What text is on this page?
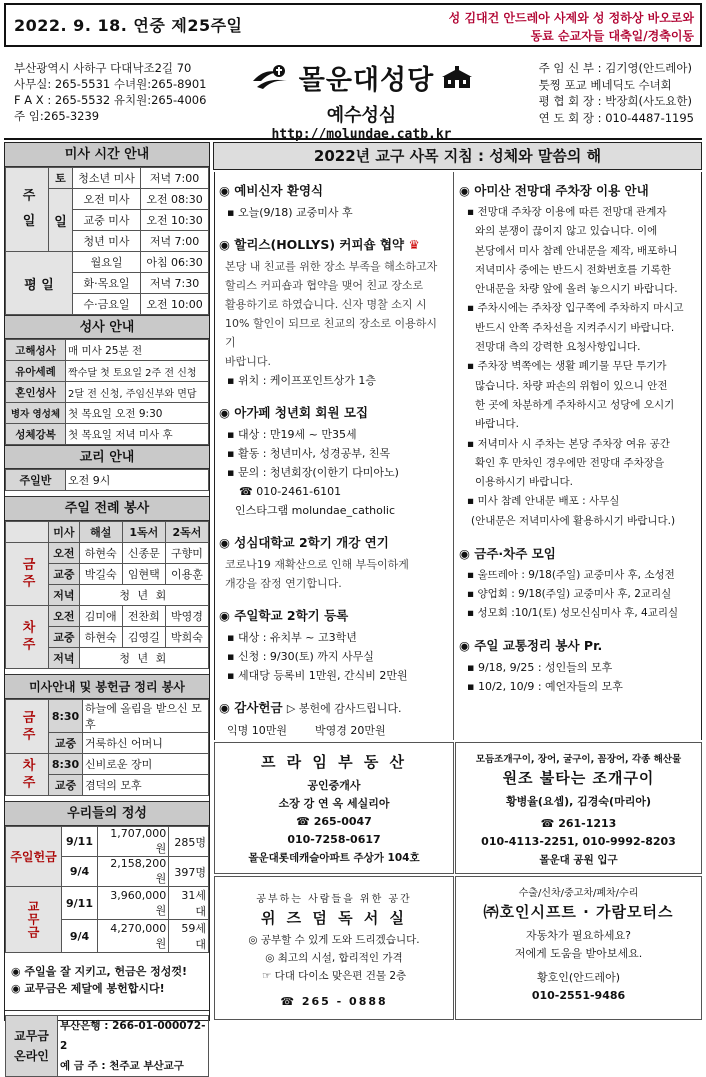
2022. 9. 18. 연중 제25주일	성 김대건 안드레아 사제와 성 정하상 바오로와
동료 순교자들 대축일/경축이동
부산광역시 사하구 다대낙조2길 70
사무실: 265-5531 수녀원:265-8901
F A X : 265-5532 유치원:265-4006
주 임:265-3239
몰운대성당
예수성심
http://molundae.catb.kr
주 임 신 부 : 김기영(안드레아)
툿찡 포교 베네딕도 수녀회
평 협 회 장 : 박장희(사도요한)
연 도 회 장 : 010-4487-1195
미사 시간 안내
주 일	토	청소년 미사	저녁 7:00
	일	오전 미사	오전 08:30
		교중 미사	오전 10:30
		청년 미사	저녁 7:00
평 일		월요일	아침 06:30
		화·목요일	저녁 7:30
		수·금요일	오전 10:00
성사 안내
고해성사	매 미사 25분 전
유아세례	짝수달 첫 토요일 2주 전 신청
혼인성사	2달 전 신청, 주임신부와 면담
병자 영성체	첫 목요일 오전 9:30
성체강복	첫 목요일 저녁 미사 후
교리 안내
주일반	오전 9시
주일 전례 봉사
	미사	해설	1독서	2독서
금주	오전	하현숙	신종문	구향미
	교중	박길숙	임현택	이용훈
	저녁	청 년 회		
차주	오전	김미애	전찬희	박영경
	교중	하현숙	김영길	박희숙
	저녁	청 년 회		
미사안내 및 봉헌금 정리 봉사
금주	8:30	하늘에 올림을 받으신 모후
	교중	거룩하신 어머니
차주	8:30	신비로운 장미
	교중	겸덕의 모후
우리들의 정성
주일헌금	9/11	1,707,000원	285명
	9/4	2,158,200원	397명
교무금	9/11	3,960,000원	31세대
	9/4	4,270,000원	59세대
◉ 주일을 잘 지키고, 헌금은 정성껏!
◉ 교무금은 제달에 봉헌합시다!
교무금 온라인	
부산은행 : 266-01-000072-2
예 금 주 : 천주교 부산교구
2022년 교구 사목 지침 : 성체와 말씀의 해
◉ 예비신자 환영식
▪ 오늘(9/18) 교중미사 후
◉ 할리스(HOLLYS) 커피숍 협약 ♛
본당 내 친교를 위한 장소 부족을 해소하고자
할리스 커피숍과 협약을 맺어 친교 장소로
활용하기로 하였습니다. 신자 명찰 소지 시
10% 할인이 되므로 친교의 장소로 이용하시기
바랍니다.
▪ 위치 : 케이프포인트상가 1층
◉ 아가페 청년회 회원 모집
▪ 대상 : 만19세 ~ 만35세
▪ 활동 : 청년미사, 성경공부, 친목
▪ 문의 : 청년회장(이한기 다미아노)
☎ 010-2461-6101
인스타그램 molundae_catholic
◉ 성심대학교 2학기 개강 연기
코로나19 재확산으로 인해 부득이하게
개강을 잠정 연기합니다.
◉ 주일학교 2학기 등록
▪ 대상 : 유치부 ~ 고3학년
▪ 신청 : 9/30(토) 까지 사무실
▪ 세대당 등록비 1만원, 간식비 2만원
◉ 감사헌금 ▷ 봉헌에 감사드립니다.
익명 10만원        박영경 20만원
◉ 아미산 전망대 주차장 이용 안내
▪ 전망대 주차장 이용에 따른 전망대 관계자
와의 분쟁이 끊이지 않고 있습니다. 이에
본당에서 미사 참례 안내문을 제작, 배포하니
저녁미사 중에는 반드시 전화번호를 기록한
안내문을 차량 앞에 올려 놓으시기 바랍니다.
▪ 주차시에는 주차장 입구쪽에 주차하지 마시고
반드시 안쪽 주차선을 지켜주시기 바랍니다.
전망대 측의 강력한 요청사항입니다.
▪ 주차장 벽쪽에는 생활 폐기물 무단 투기가
많습니다. 차량 파손의 위험이 있으니 안전
한 곳에 차분하게 주차하시고 성당에 오시기
바랍니다.
▪ 저녁미사 시 주차는 본당 주차장 여유 공간
확인 후 만차인 경우에만 전망대 주차장을
이용하시기 바랍니다.
▪ 미사 참례 안내문 배포 : 사무실
(안내문은 저녁미사에 활용하시기 바랍니다.)
◉ 금주·차주 모임
▪ 울뜨레아 : 9/18(주일) 교중미사 후, 소성전
▪ 양업회 : 9/18(주일) 교중미사 후, 2교리실
▪ 성모회 :10/1(토) 성모신심미사 후, 4교리실
◉ 주일 교통정리 봉사 Pr.
▪ 9/18, 9/25 : 성인들의 모후
▪ 10/2, 10/9 : 예언자들의 모후
프 라 임 부 동 산
공인중개사
소장 강 연 옥 세실리아
☎ 265-0047
010-7258-0617
몰운대롯데캐슬아파트 주상가 104호
모듬조개구이, 장어, 굴구이, 꼼장어, 각종 해산물
원조 불타는 조개구이
황병율(요셉), 김경숙(마리아)
☎ 261-1213
010-4113-2251, 010-9992-8203
몰운대 공원 입구
공부하는 사람들을 위한 공간
위 즈 덤 독 서 실
◎ 공부할 수 있게 도와 드리겠습니다.
◎ 최고의 시설, 합리적인 가격
☞ 다대 다이소 맞은편 건물 2층
☎ 265 - 0888
수출/신차/중고차/폐차/수리
㈜호인시프트 · 가람모터스
자동차가 필요하세요?
저에게 도움을 받아보세요.
황호인(안드레아)
010-2551-9486
